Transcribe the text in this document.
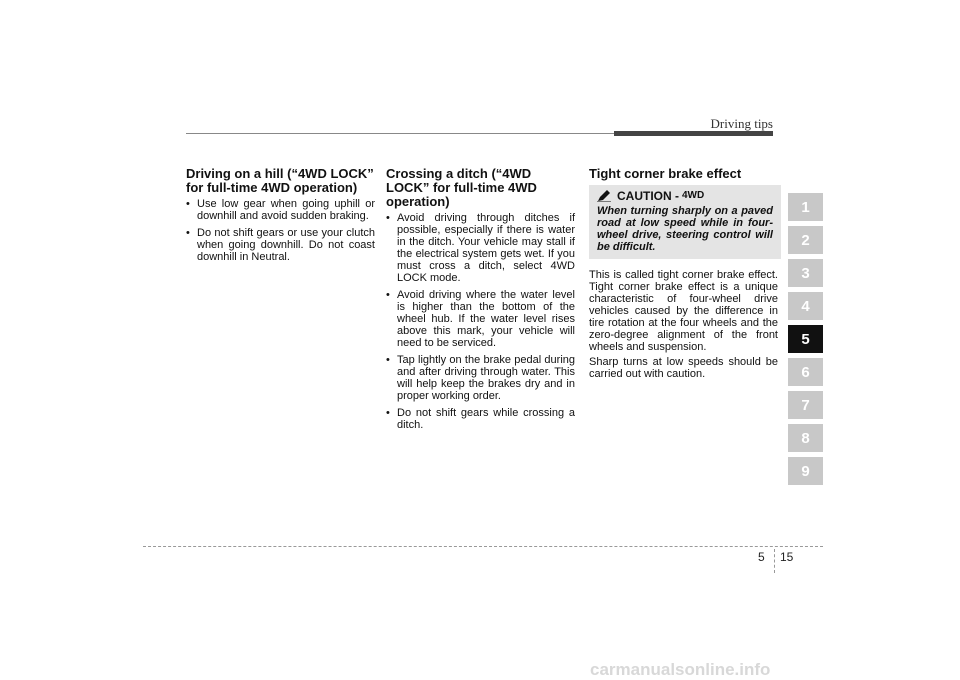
Driving tips
Driving on a hill (“4WD LOCK” for full-time 4WD operation)
• Use low gear when going uphill or downhill and avoid sudden braking.
• Do not shift gears or use your clutch when going downhill. Do not coast downhill in Neutral.
Crossing a ditch (“4WD LOCK” for full-time 4WD operation)
• Avoid driving through ditches if possible, especially if there is water in the ditch. Your vehicle may stall if the electrical system gets wet. If you must cross a ditch, select 4WD LOCK mode.
• Avoid driving where the water level is higher than the bottom of the wheel hub. If the water level rises above this mark, your vehicle will need to be serviced.
• Tap lightly on the brake pedal during and after driving through water. This will help keep the brakes dry and in proper working order.
• Do not shift gears while crossing a ditch.
Tight corner brake effect
CAUTION - 4WD
When turning sharply on a paved road at low speed while in four-wheel drive, steering control will be difficult.

This is called tight corner brake effect. Tight corner brake effect is a unique characteristic of four-wheel drive vehicles caused by the difference in tire rotation at the four wheels and the zero-degree alignment of the front wheels and suspension.

Sharp turns at low speeds should be carried out with caution.

1
2
3
4
5
6
7
8
9
5 15
carmanualsonline.info
